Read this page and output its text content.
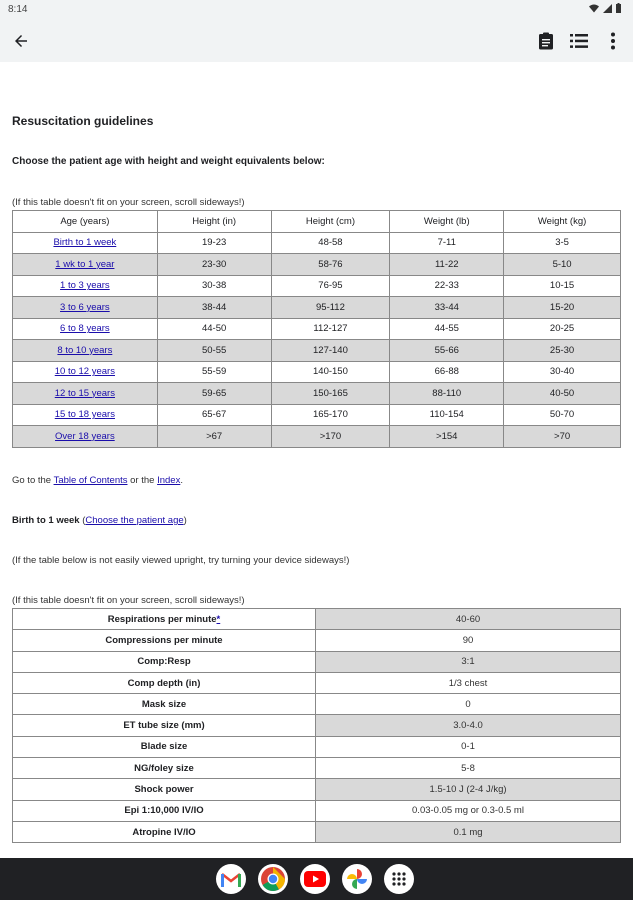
8:14
Resuscitation guidelines
Choose the patient age with height and weight equivalents below:
(If this table doesn't fit on your screen, scroll sideways!)
Age (years)	Height (in)	Height (cm)	Weight (lb)	Weight (kg)
Birth to 1 week	19-23	48-58	7-11	3-5
1 wk to 1 year	23-30	58-76	11-22	5-10
1 to 3 years	30-38	76-95	22-33	10-15
3 to 6 years	38-44	95-112	33-44	15-20
6 to 8 years	44-50	112-127	44-55	20-25
8 to 10 years	50-55	127-140	55-66	25-30
10 to 12 years	55-59	140-150	66-88	30-40
12 to 15 years	59-65	150-165	88-110	40-50
15 to 18 years	65-67	165-170	110-154	50-70
Over 18 years	>67	>170	>154	>70
Go to the Table of Contents or the Index.
Birth to 1 week (Choose the patient age)
(If the table below is not easily viewed upright, try turning your device sideways!)
(If this table doesn't fit on your screen, scroll sideways!)
Respirations per minute*	40-60
Compressions per minute	90
Comp:Resp	3:1
Comp depth (in)	1/3 chest
Mask size	0
ET tube size (mm)	3.0-4.0
Blade size	0-1
NG/foley size	5-8
Shock power	1.5-10 J (2-4 J/kg)
Epi 1:10,000 IV/IO	0.03-0.05 mg or 0.3-0.5 ml
Atropine IV/IO	0.1 mg
